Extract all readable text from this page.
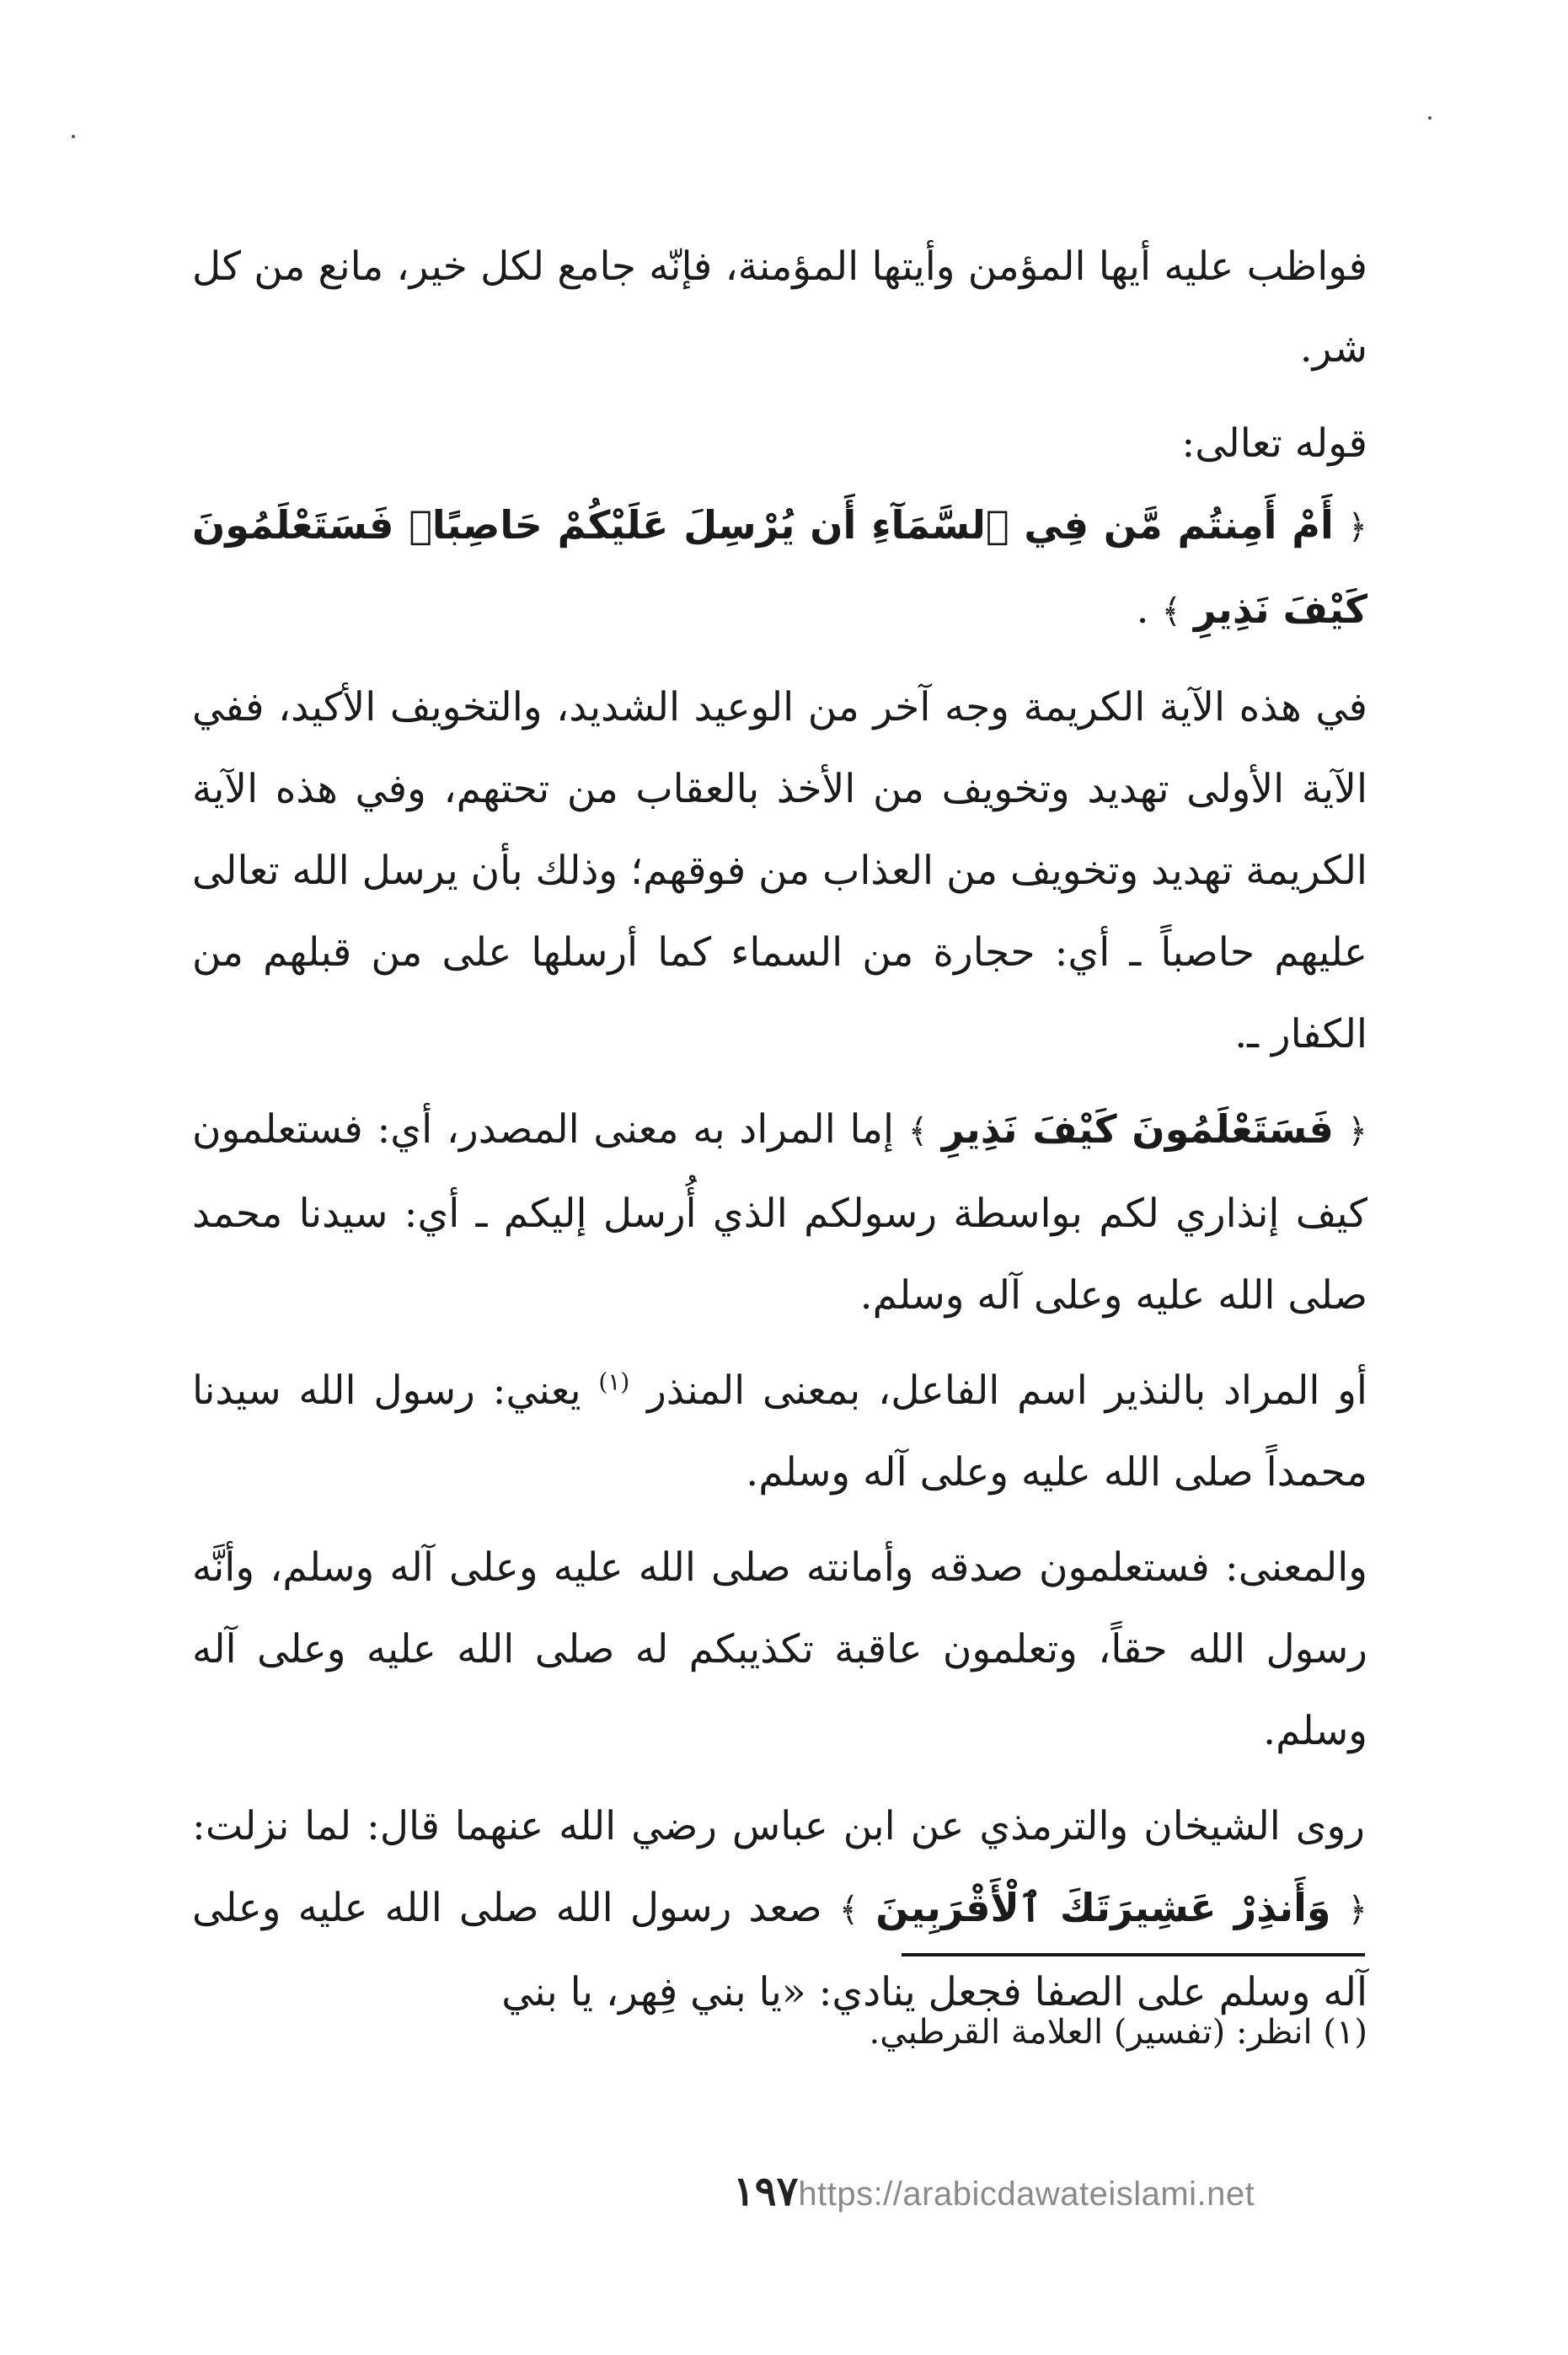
فواظب عليه أيها المؤمن وأيتها المؤمنة، فإنّه جامع لكل خير، مانع من كل شر.

قوله تعالى:

﴿ أَمْ أَمِنتُم مَّن فِي ٱلسَّمَآءِ أَن يُرْسِلَ عَلَيْكُمْ حَاصِبًاۖ فَسَتَعْلَمُونَ كَيْفَ نَذِيرِ ﴾ .

في هذه الآية الكريمة وجه آخر من الوعيد الشديد، والتخويف الأكيد، ففي الآية الأولى تهديد وتخويف من الأخذ بالعقاب من تحتهم، وفي هذه الآية الكريمة تهديد وتخويف من العذاب من فوقهم؛ وذلك بأن يرسل الله تعالى عليهم حاصباً ـ أي: حجارة من السماء كما أرسلها على من قبلهم من الكفار ـ.

﴿ فَسَتَعْلَمُونَ كَيْفَ نَذِيرِ ﴾ إما المراد به معنى المصدر، أي: فستعلمون كيف إنذاري لكم بواسطة رسولكم الذي أُرسل إليكم ـ أي: سيدنا محمد صلى الله عليه وعلى آله وسلم.

أو المراد بالنذير اسم الفاعل، بمعنى المنذر $^{(١)}$ يعني: رسول الله سيدنا محمداً صلى الله عليه وعلى آله وسلم.

والمعنى: فستعلمون صدقه وأمانته صلى الله عليه وعلى آله وسلم، وأنَّه رسول الله حقاً، وتعلمون عاقبة تكذيبكم له صلى الله عليه وعلى آله وسلم.

روى الشيخان والترمذي عن ابن عباس رضي الله عنهما قال: لما نزلت: ﴿ وَأَنذِرْ عَشِيرَتَكَ ٱلْأَقْرَبِينَ ﴾ صعد رسول الله صلى الله عليه وعلى آله وسلم على الصفا فجعل ينادي: «يا بني فِهر، يا بني

(١) انظر: (تفسير) العلامة القرطبي.
١٩٧ https://arabicdawateislami.net
